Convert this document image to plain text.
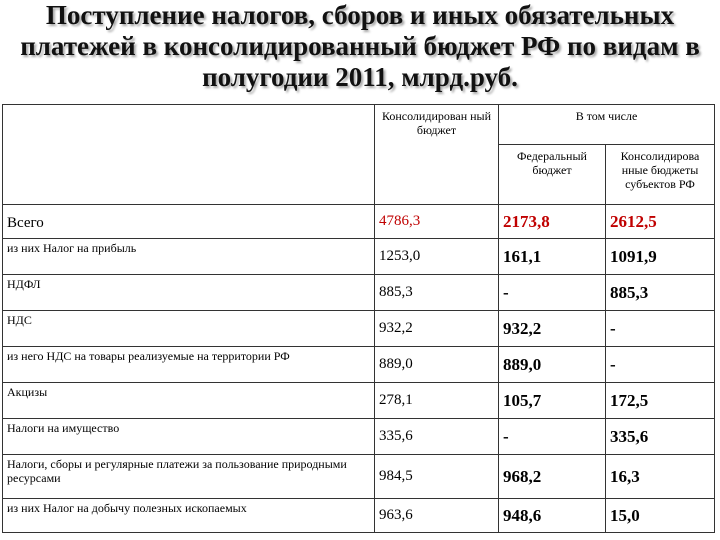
Поступление налогов, сборов и иных обязательных
платежей в консолидированный бюджет РФ по видам в
полугодии 2011, млрд.руб.
	Консолидирован ный бюджет	В том числе	
		Федеральный бюджет	Консолидирова нные бюджеты субъектов РФ
Всего	4786,3	2173,8	2612,5
из них Налог на прибыль	1253,0	161,1	1091,9
НДФЛ	885,3	-	885,3
НДС	932,2	932,2	-
из него НДС на товары реализуемые на территории РФ	889,0	889,0	-
Акцизы	278,1	105,7	172,5
Налоги на имущество	335,6	-	335,6
Налоги, сборы и регулярные платежи за пользование природными ресурсами	984,5	968,2	16,3
из них Налог на добычу полезных ископаемых	963,6	948,6	15,0
